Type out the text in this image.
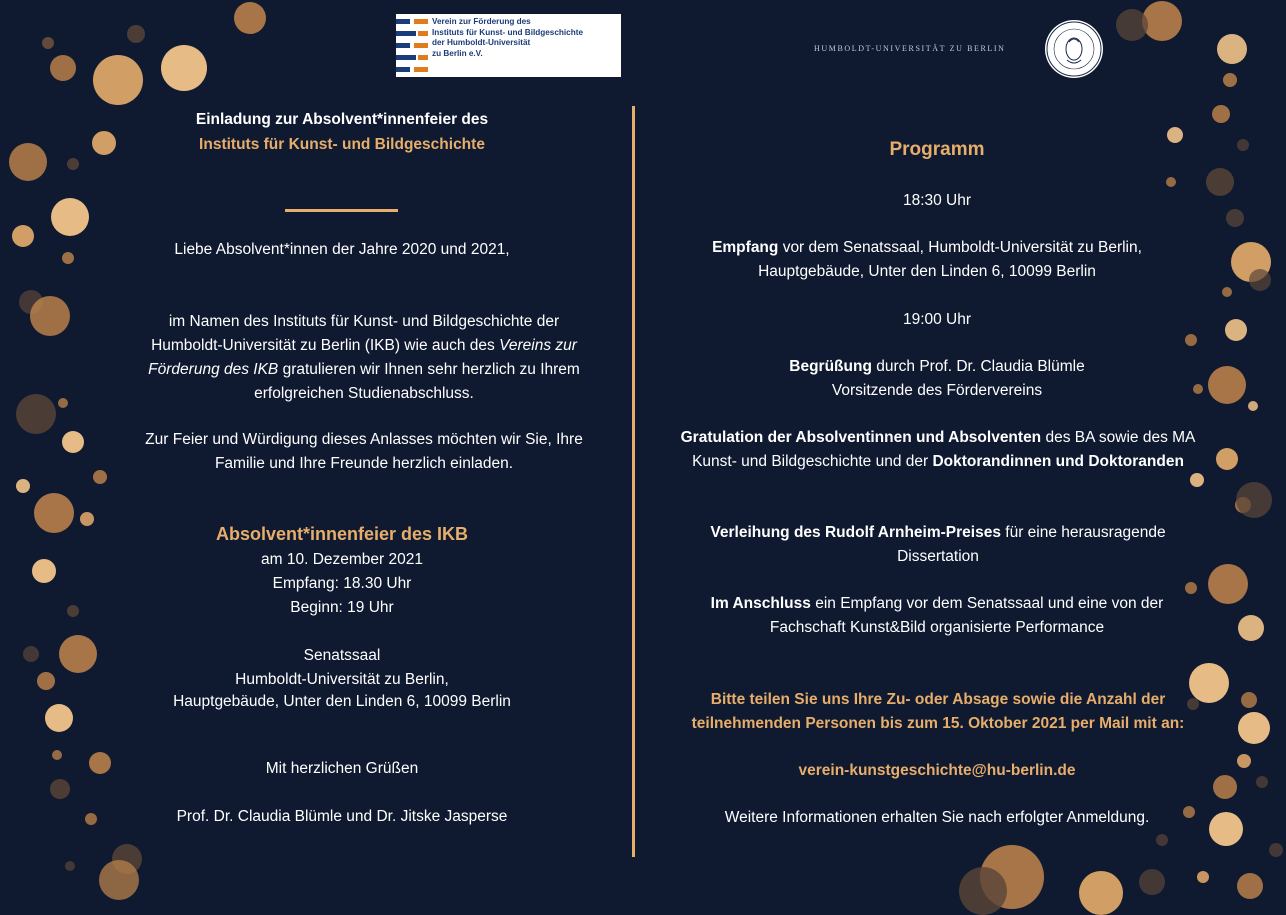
Verein zur Förderung des
Instituts für Kunst- und Bildgeschichte
der Humboldt-Universität
zu Berlin e.V.	HUMBOLDT-UNIVERSITÄT ZU BERLIN
Einladung zur Absolvent*innenfeier des
Instituts für Kunst- und Bildgeschichte
Liebe Absolvent*innen der Jahre 2020 und 2021,
im Namen des Instituts für Kunst- und Bildgeschichte der Humboldt-Universität zu Berlin (IKB) wie auch des Vereins zur Förderung des IKB gratulieren wir Ihnen sehr herzlich zu Ihrem erfolgreichen Studienabschluss.
Zur Feier und Würdigung dieses Anlasses möchten wir Sie, Ihre Familie und Ihre Freunde herzlich einladen.
Absolvent*innenfeier des IKB
am 10. Dezember 2021
Empfang: 18.30 Uhr
Beginn: 19 Uhr
Senatssaal
Humboldt-Universität zu Berlin,
Hauptgebäude, Unter den Linden 6, 10099 Berlin
Mit herzlichen Grüßen
Prof. Dr. Claudia Blümle und Dr. Jitske Jasperse
Programm
18:30 Uhr
Empfang vor dem Senatssaal, Humboldt-Universität zu Berlin, Hauptgebäude, Unter den Linden 6, 10099 Berlin
19:00 Uhr
Begrüßung durch Prof. Dr. Claudia Blümle
Vorsitzende des Fördervereins
Gratulation der Absolventinnen und Absolventen des BA sowie des MA Kunst- und Bildgeschichte und der Doktorandinnen und Doktoranden
Verleihung des Rudolf Arnheim-Preises für eine herausragende Dissertation
Im Anschluss ein Empfang vor dem Senatssaal und eine von der Fachschaft Kunst&Bild organisierte Performance
Bitte teilen Sie uns Ihre Zu- oder Absage sowie die Anzahl der teilnehmenden Personen bis zum 15. Oktober 2021 per Mail mit an:
verein-kunstgeschichte@hu-berlin.de
Weitere Informationen erhalten Sie nach erfolgter Anmeldung.
